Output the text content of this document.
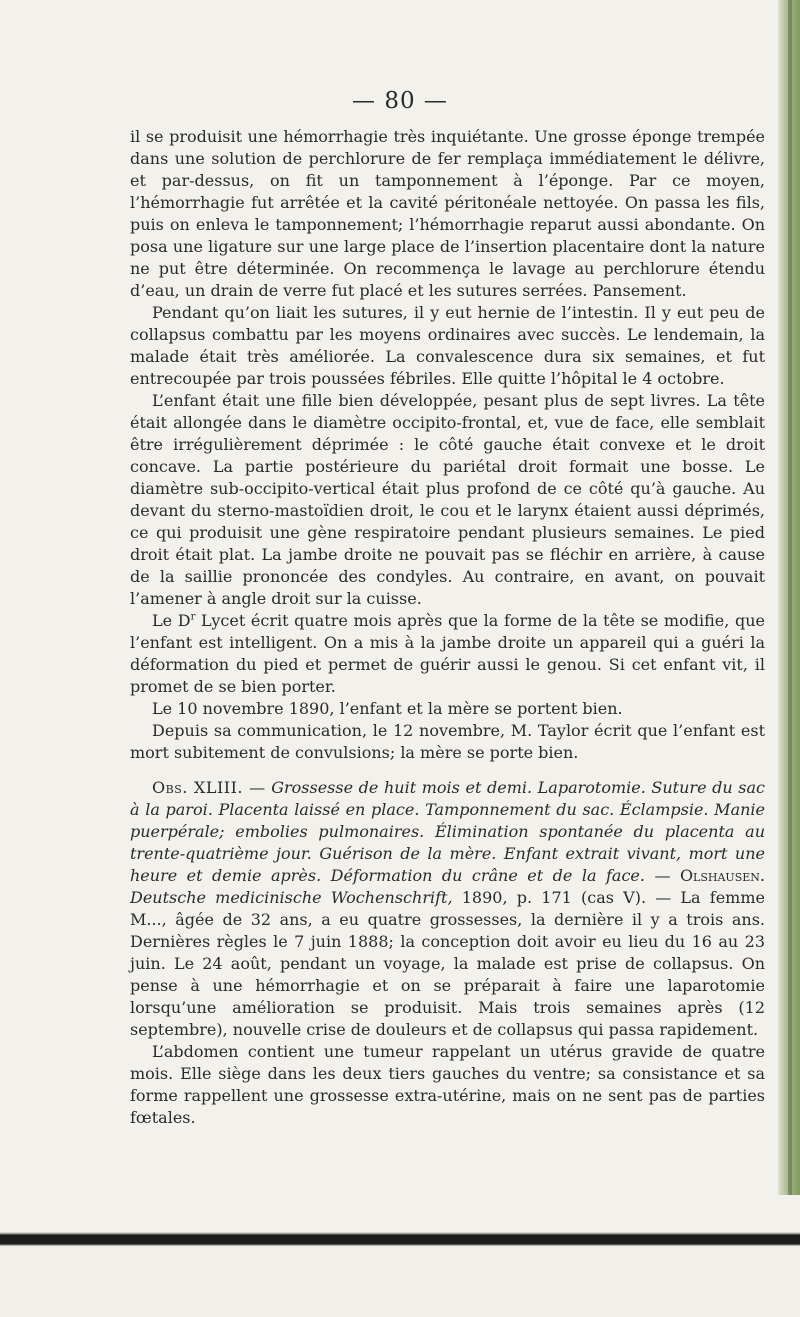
— 80 —

il se produisit une hémorrhagie très inquiétante. Une grosse éponge trempée dans une solution de perchlorure de fer remplaça immédiatement le délivre, et par-dessus, on fit un tamponnement à l’éponge. Par ce moyen, l’hémorrhagie fut arrêtée et la cavité péritonéale nettoyée. On passa les fils, puis on enleva le tamponnement; l’hémorrhagie reparut aussi abondante. On posa une ligature sur une large place de l’insertion placentaire dont la nature ne put être déterminée. On recommença le lavage au perchlorure étendu d’eau, un drain de verre fut placé et les sutures serrées. Pansement.

Pendant qu’on liait les sutures, il y eut hernie de l’intestin. Il y eut peu de collapsus combattu par les moyens ordinaires avec succès. Le lendemain, la malade était très améliorée. La convalescence dura six semaines, et fut entrecoupée par trois poussées fébriles. Elle quitte l’hôpital le 4 octobre.

L’enfant était une fille bien développée, pesant plus de sept livres. La tête était allongée dans le diamètre occipito-frontal, et, vue de face, elle semblait être irrégulièrement déprimée : le côté gauche était convexe et le droit concave. La partie postérieure du pariétal droit formait une bosse. Le diamètre sub-occipito-vertical était plus profond de ce côté qu’à gauche. Au devant du sterno-mastoïdien droit, le cou et le larynx étaient aussi déprimés, ce qui produisit une gène respiratoire pendant plusieurs semaines. Le pied droit était plat. La jambe droite ne pouvait pas se fléchir en arrière, à cause de la saillie prononcée des condyles. Au contraire, en avant, on pouvait l’amener à angle droit sur la cuisse.

Le $D^r$ Lycet écrit quatre mois après que la forme de la tête se modifie, que l’enfant est intelligent. On a mis à la jambe droite un appareil qui a guéri la déformation du pied et permet de guérir aussi le genou. Si cet enfant vit, il promet de se bien porter.

Le 10 novembre 1890, l’enfant et la mère se portent bien.

Depuis sa communication, le 12 novembre, M. Taylor écrit que l’enfant est mort subitement de convulsions; la mère se porte bien.

Obs. XLIII. — Grossesse de huit mois et demi. Laparotomie. Suture du sac à la paroi. Placenta laissé en place. Tamponnement du sac. Éclampsie. Manie puerpérale; embolies pulmonaires. Élimination spontanée du placenta au trente-quatrième jour. Guérison de la mère. Enfant extrait vivant, mort une heure et demie après. Déformation du crâne et de la face. — Olshausen. Deutsche medicinische Wochenschrift, 1890, p. 171 (cas V). — La femme M..., âgée de 32 ans, a eu quatre grossesses, la dernière il y a trois ans. Dernières règles le 7 juin 1888; la conception doit avoir eu lieu du 16 au 23 juin. Le 24 août, pendant un voyage, la malade est prise de collapsus. On pense à une hémorrhagie et on se préparait à faire une laparotomie lorsqu’une amélioration se produisit. Mais trois semaines après (12 septembre), nouvelle crise de douleurs et de collapsus qui passa rapidement.

L’abdomen contient une tumeur rappelant un utérus gravide de quatre mois. Elle siège dans les deux tiers gauches du ventre; sa consistance et sa forme rappellent une grossesse extra-utérine, mais on ne sent pas de parties fœtales.
